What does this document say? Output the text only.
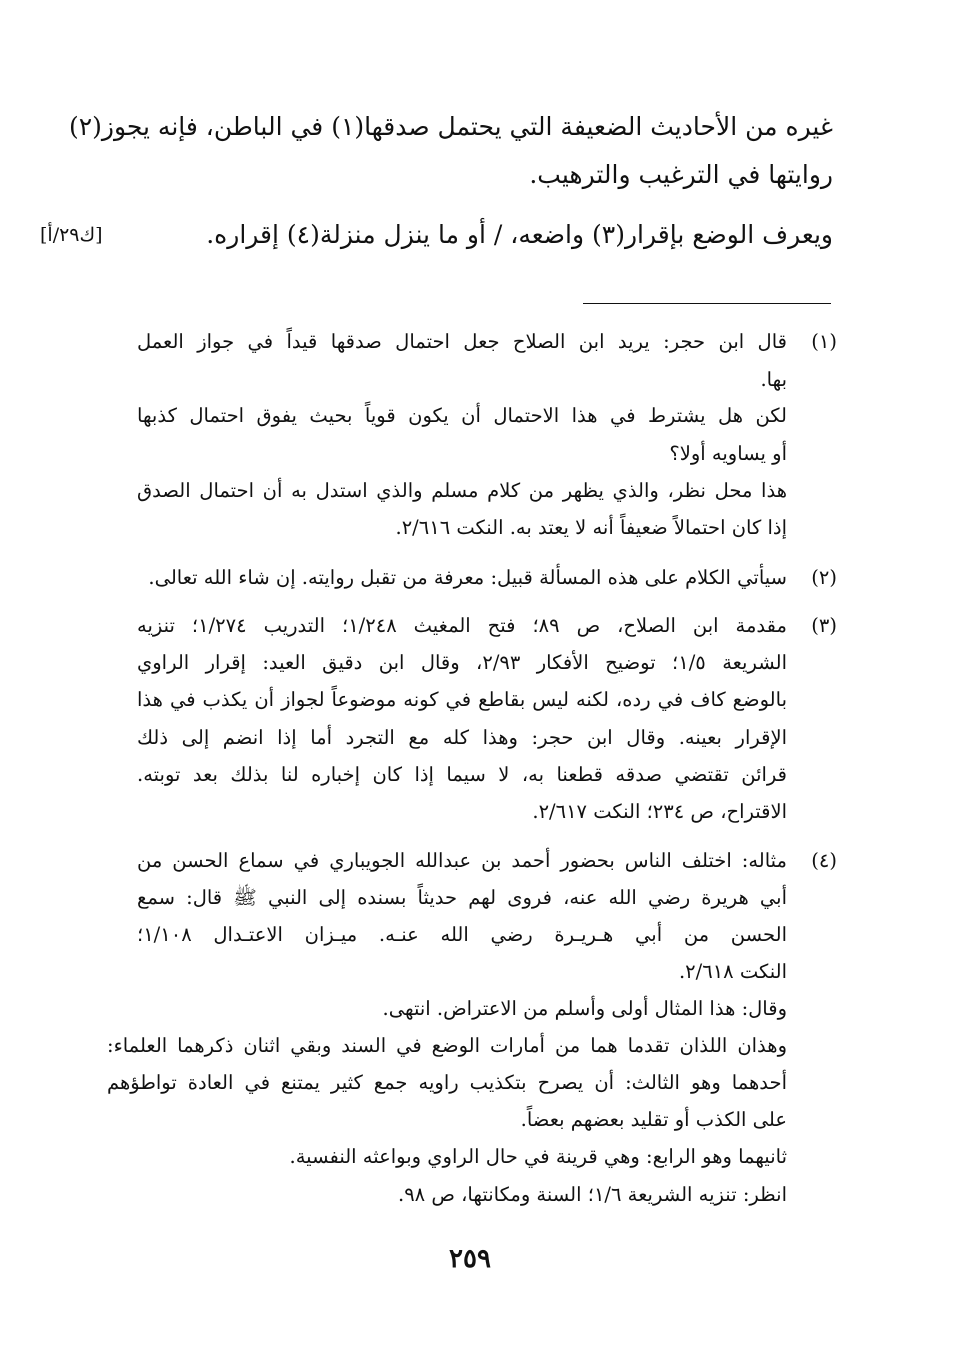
غيره من الأحاديث الضعيفة التي يحتمل صدقها(١) في الباطن، فإنه يجوز(٢)
روايتها في الترغيب والترهيب.
ويعرف الوضع بإقرار(٣) واضعه، / أو ما ينزل منزلة(٤) إقراره.
[ك٢٩/أ]
(١)
قال ابن حجر: يريد ابن الصلاح جعل احتمال صدقها قيداً في جواز العمل
بها.
لكن هل يشترط في هذا الاحتمال أن يكون قوياً بحيث يفوق احتمال كذبها
أو يساويه أولا؟
هذا محل نظر، والذي يظهر من كلام مسلم والذي استدل به أن احتمال الصدق
إذا كان احتمالاً ضعيفاً أنه لا يعتد به. النكت ٢/٦١٦.
(٢)
سيأتي الكلام على هذه المسألة قبيل: معرفة من تقبل روايته. إن شاء الله تعالى.
(٣)
مقدمة ابن الصلاح، ص ٨٩؛ فتح المغيث ١/٢٤٨؛ التدريب ١/٢٧٤؛ تنزيه
الشريعة ١/٥؛ توضيح الأفكار ٢/٩٣، وقال ابن دقيق العيد: إقرار الراوي
بالوضع كاف في رده، لكنه ليس بقاطع في كونه موضوعاً لجواز أن يكذب في هذا
الإقرار بعينه. وقال ابن حجر: وهذا كله مع التجرد أما إذا انضم إلى ذلك
قرائن تقتضي صدقه قطعنا به، لا سيما إذا كان إخباره لنا بذلك بعد توبته.
الاقتراح، ص ٢٣٤؛ النكت ٢/٦١٧.
(٤)
مثاله: اختلف الناس بحضور أحمد بن عبدالله الجويباري في سماع الحسن من
أبي هريرة رضي الله عنه، فروى لهم حديثاً بسنده إلى النبي ﷺ قال: سمع
الحسن من أبي هـريـرة رضي الله عنـه. ميـزان الاعتـدال ١/١٠٨؛
النكت ٢/٦١٨.
وقال: هذا المثال أولى وأسلم من الاعتراض. انتهى.
وهذان اللذان تقدما هما من أمارات الوضع في السند وبقي اثنان ذكرهما العلماء:
أحدهما وهو الثالث: أن يصرح بتكذيب راويه جمع كثير يمتنع في العادة تواطؤهم
على الكذب أو تقليد بعضهم بعضاً.
ثانيهما وهو الرابع: وهي قرينة في حال الراوي وبواعثه النفسية.
انظر: تنزيه الشريعة ١/٦؛ السنة ومكانتها، ص ٩٨.
٢٥٩
